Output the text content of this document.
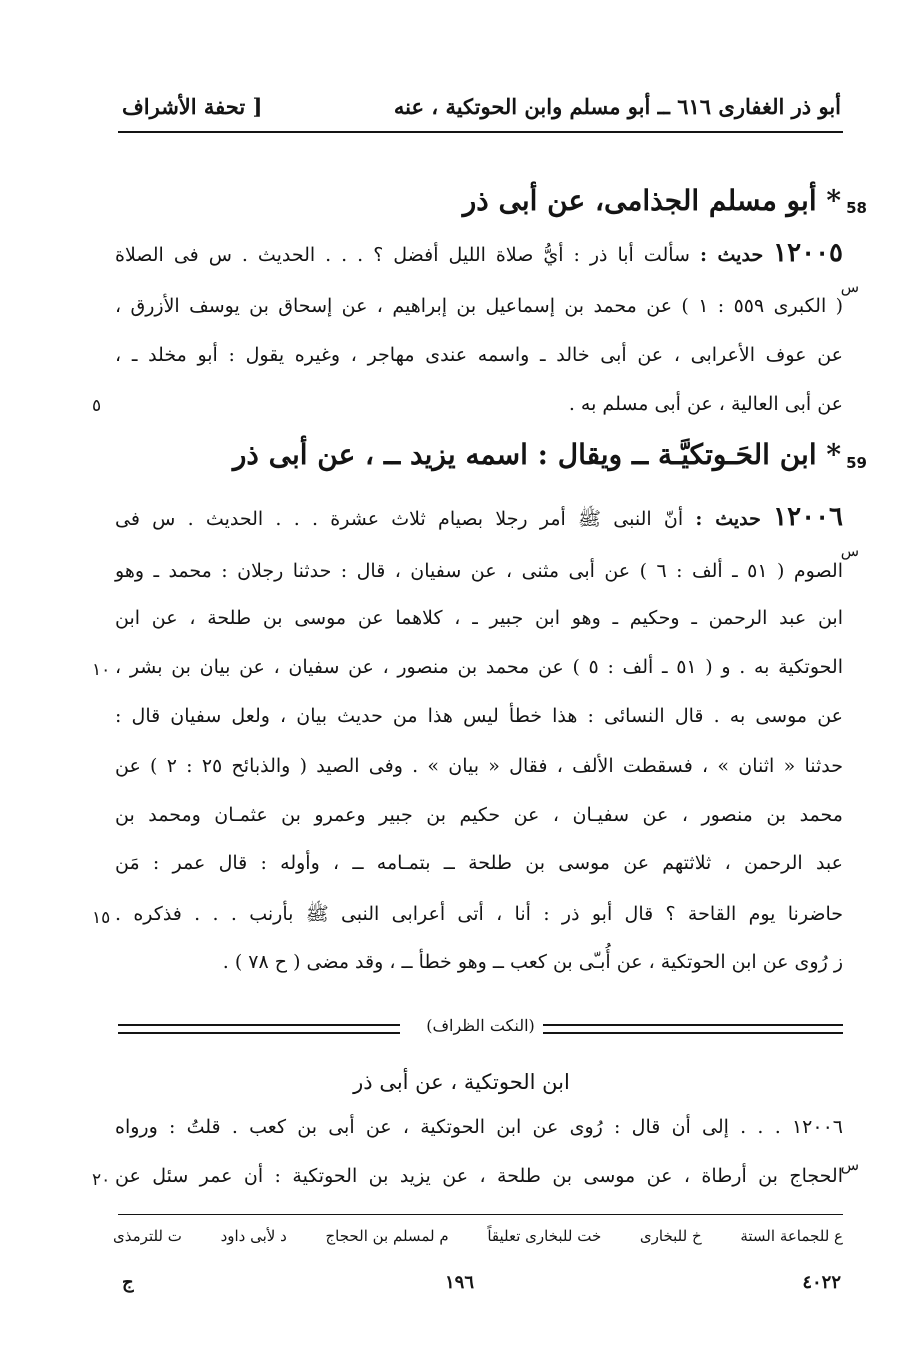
أبو ذر الغفارى ٦١٦ ــ أبو مسلم وابن الحوتكية ، عنه
[ تحفة الأشراف
58
* أبو مسلم الجذامى، عن أبى ذر
١٢٠٠٥ حديث : سألت أبا ذر : أيُّ صلاة الليل أفضل ؟ . . . الحديث . س فى الصلاة
( الكبرى ٥٥٩ : ١ ) عن محمد بن إسماعيل بن إبراهيم ، عن إسحاق بن يوسف الأزرق ،
عن عوف الأعرابى ، عن أبى خالد ـ واسمه عندى مهاجر ، وغيره يقول : أبو مخلد ـ ،
عن أبى العالية ، عن أبى مسلم به .
س
٥
59
* ابن الحَـوتكيَّـة ــ ويقال : اسمه يزيد ــ ، عن أبى ذر
١٢٠٠٦ حديث : أنّ النبى ﷺ أمر رجلا بصيام ثلاث عشرة . . . الحديث . س فى
الصوم ( ٥١ ـ ألف : ٦ ) عن أبى مثنى ، عن سفيان ، قال : حدثنا رجلان : محمد ـ وهو
ابن عبد الرحمن ـ وحكيم ـ وهو ابن جبير ـ ، كلاهما عن موسى بن طلحة ، عن ابن
الحوتكية به . و ( ٥١ ـ ألف : ٥ ) عن محمد بن منصور ، عن سفيان ، عن بيان بن بشر ،
عن موسى به . قال النسائى : هذا خطأ ليس هذا من حديث بيان ، ولعل سفيان قال :
حدثنا « اثنان » ، فسقطت الألف ، فقال « بيان » . وفى الصيد ( والذبائح ٢٥ : ٢ ) عن
محمد بن منصور ، عن سفيـان ، عن حكيم بن جبير وعمرو بن عثمـان ومحمد بن
عبد الرحمن ، ثلاثتهم عن موسى بن طلحة ــ بتمـامه ــ ، وأوله : قال عمر : مَن
حاضرنا يوم القاحة ؟ قال أبو ذر : أنا ، أتى أعرابى النبى ﷺ بأرنب . . . فذكره .
ز رُوى عن ابن الحوتكية ، عن أُبـّى بن كعب ــ وهو خطأ ــ ، وقد مضى ( ح ٧٨ ) .
س
١٠
١٥
(النكت الظراف)
ابن الحوتكية ، عن أبى ذر
١٢٠٠٦ . . . إلى أن قال : رُوى عن ابن الحوتكية ، عن أبى بن كعب . قلتُ : ورواه
الحجاج بن أرطاة ، عن موسى بن طلحة ، عن يزيد بن الحوتكية : أن عمر سئل عن
س
٢٠
ع للجماعة الستة
خ للبخارى
خت للبخارى تعليقاً
م لمسلم بن الحجاج
د لأبى داود
ت للترمذى
٤٠٢٢
١٩٦
ج
